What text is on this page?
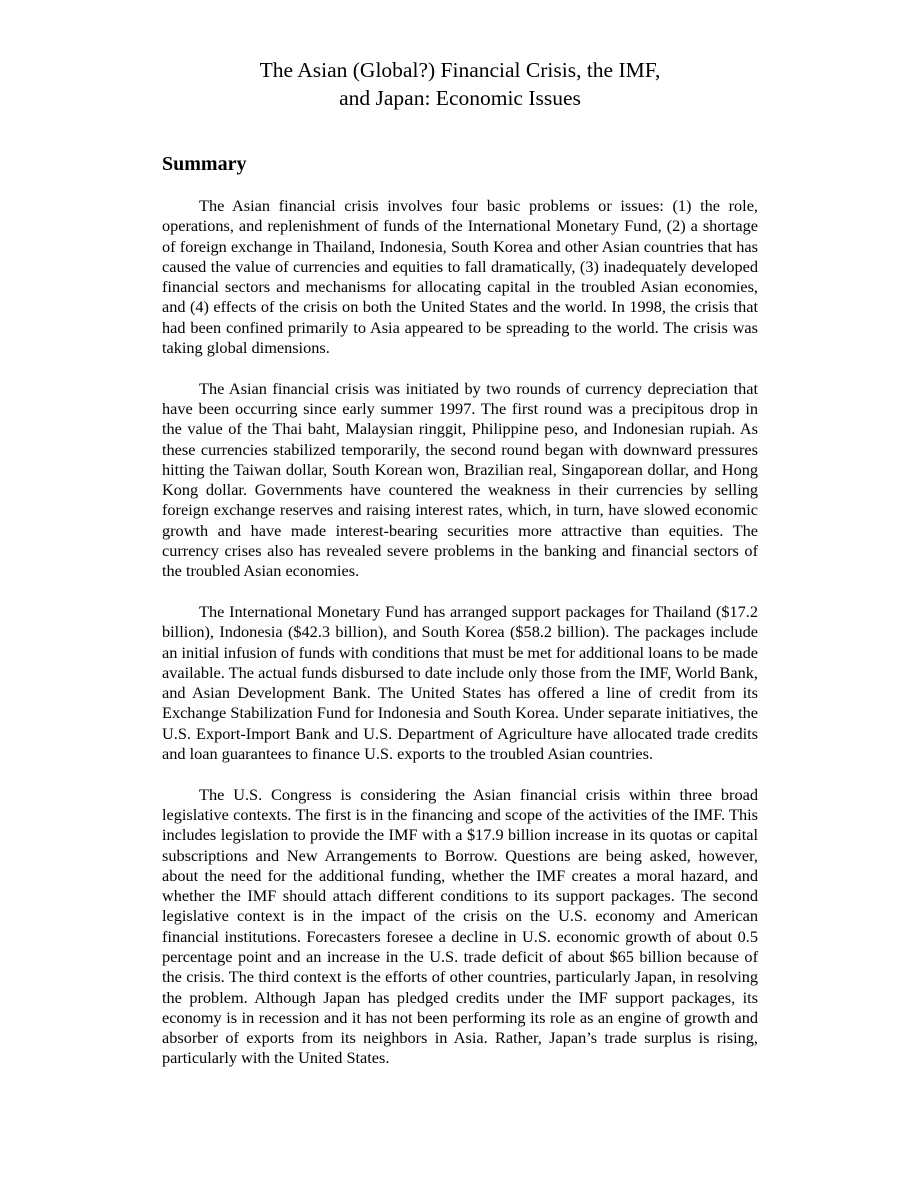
The Asian (Global?) Financial Crisis, the IMF,
and Japan: Economic Issues
Summary

The Asian financial crisis involves four basic problems or issues: (1) the role, operations, and replenishment of funds of the International Monetary Fund, (2) a shortage of foreign exchange in Thailand, Indonesia, South Korea and other Asian countries that has caused the value of currencies and equities to fall dramatically, (3) inadequately developed financial sectors and mechanisms for allocating capital in the troubled Asian economies, and (4) effects of the crisis on both the United States and the world. In 1998, the crisis that had been confined primarily to Asia appeared to be spreading to the world. The crisis was taking global dimensions.

The Asian financial crisis was initiated by two rounds of currency depreciation that have been occurring since early summer 1997. The first round was a precipitous drop in the value of the Thai baht, Malaysian ringgit, Philippine peso, and Indonesian rupiah. As these currencies stabilized temporarily, the second round began with downward pressures hitting the Taiwan dollar, South Korean won, Brazilian real, Singaporean dollar, and Hong Kong dollar. Governments have countered the weakness in their currencies by selling foreign exchange reserves and raising interest rates, which, in turn, have slowed economic growth and have made interest-bearing securities more attractive than equities. The currency crises also has revealed severe problems in the banking and financial sectors of the troubled Asian economies.

The International Monetary Fund has arranged support packages for Thailand ($17.2 billion), Indonesia ($42.3 billion), and South Korea ($58.2 billion). The packages include an initial infusion of funds with conditions that must be met for additional loans to be made available. The actual funds disbursed to date include only those from the IMF, World Bank, and Asian Development Bank. The United States has offered a line of credit from its Exchange Stabilization Fund for Indonesia and South Korea. Under separate initiatives, the U.S. Export-Import Bank and U.S. Department of Agriculture have allocated trade credits and loan guarantees to finance U.S. exports to the troubled Asian countries.

The U.S. Congress is considering the Asian financial crisis within three broad legislative contexts. The first is in the financing and scope of the activities of the IMF. This includes legislation to provide the IMF with a $17.9 billion increase in its quotas or capital subscriptions and New Arrangements to Borrow. Questions are being asked, however, about the need for the additional funding, whether the IMF creates a moral hazard, and whether the IMF should attach different conditions to its support packages. The second legislative context is in the impact of the crisis on the U.S. economy and American financial institutions. Forecasters foresee a decline in U.S. economic growth of about 0.5 percentage point and an increase in the U.S. trade deficit of about $65 billion because of the crisis. The third context is the efforts of other countries, particularly Japan, in resolving the problem. Although Japan has pledged credits under the IMF support packages, its economy is in recession and it has not been performing its role as an engine of growth and absorber of exports from its neighbors in Asia. Rather, Japan’s trade surplus is rising, particularly with the United States.
